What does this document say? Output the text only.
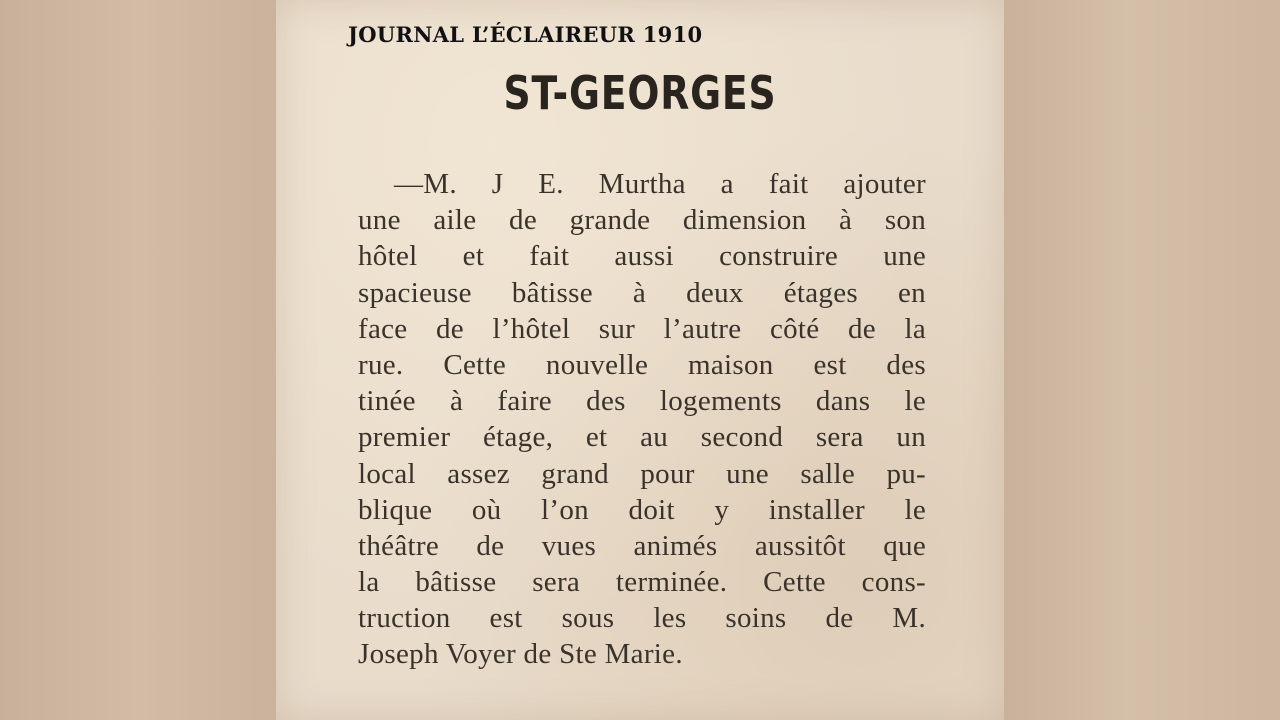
JOURNAL L’ÉCLAIREUR 1910
ST-GEORGES
—M. J E. Murtha a fait ajouter
une aile de grande dimension à son
hôtel et fait aussi construire une
spacieuse bâtisse à deux étages en
face de l’hôtel sur l’autre côté de la
rue. Cette nouvelle maison est des
tinée à faire des logements dans le
premier étage, et au second sera un
local assez grand pour une salle pu-
blique où l’on doit y installer le
théâtre de vues animés aussitôt que
la bâtisse sera terminée. Cette cons-
truction est sous les soins de M.
Joseph Voyer de Ste Marie.
